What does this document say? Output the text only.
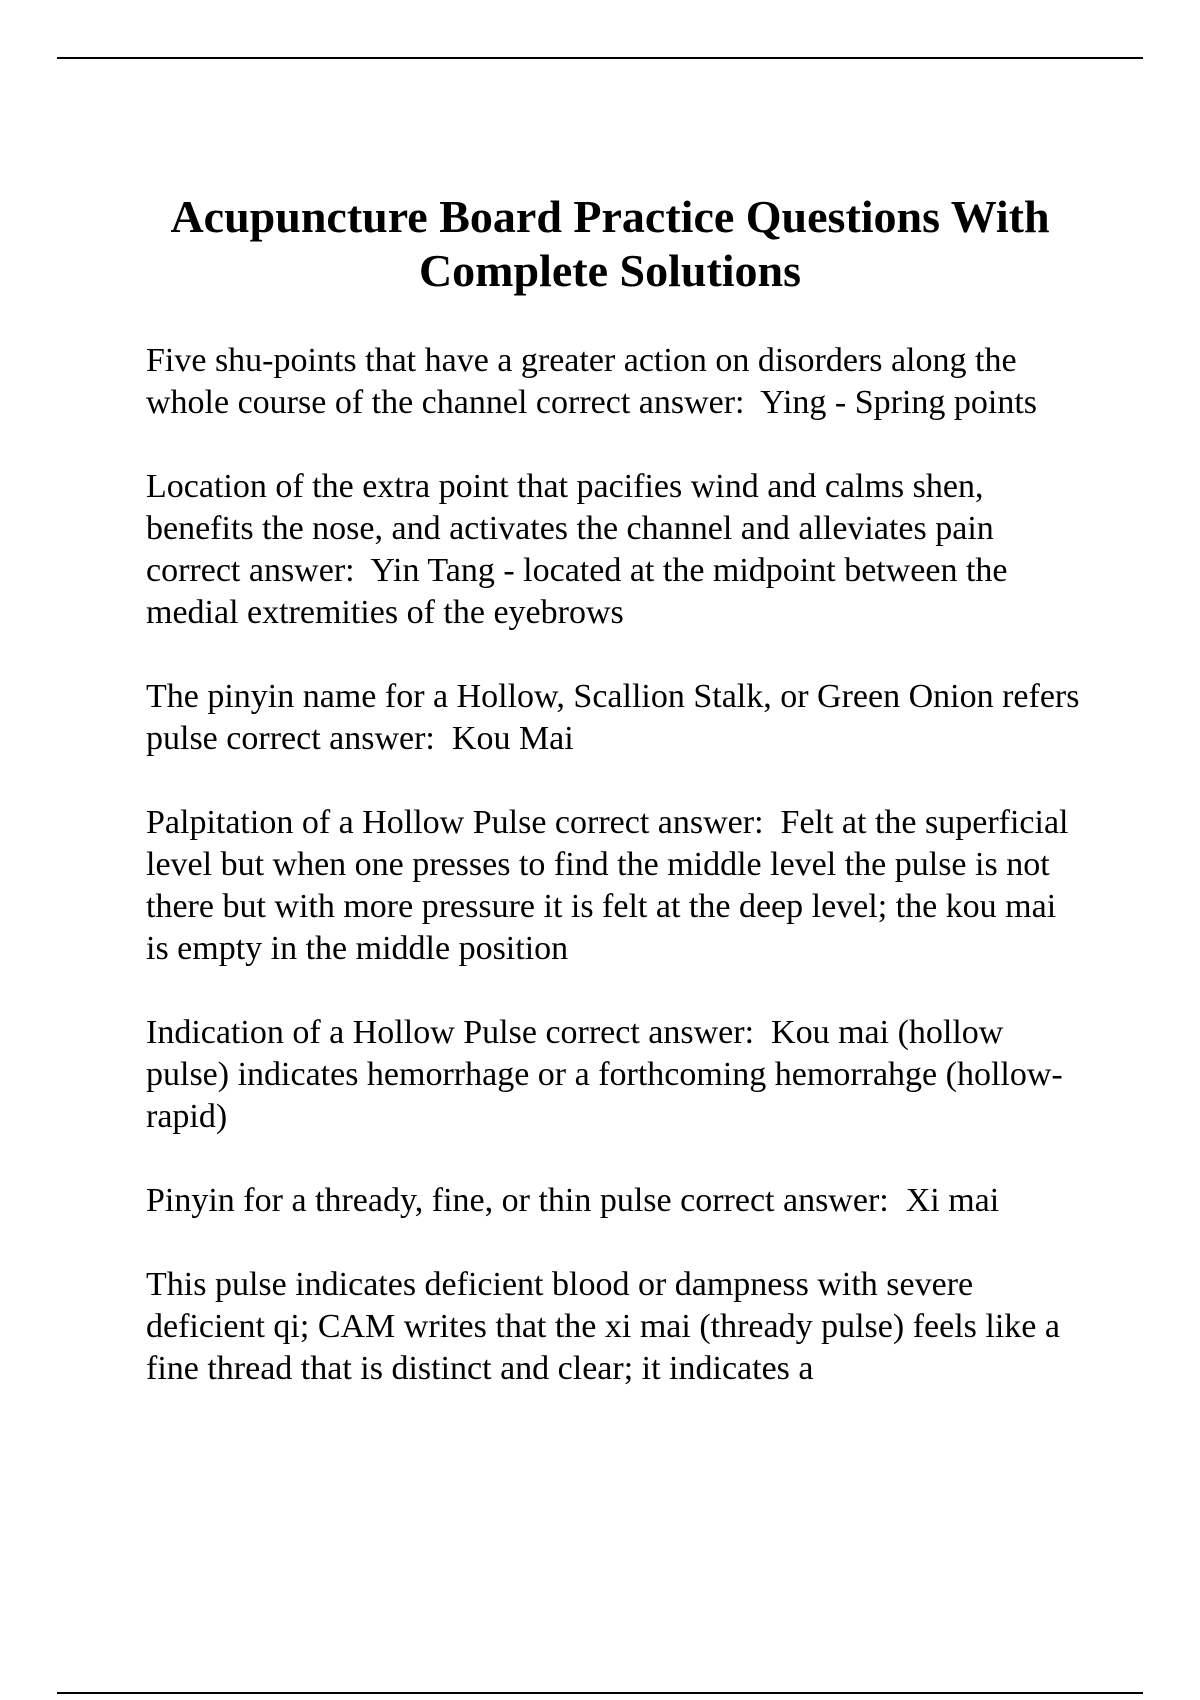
Acupuncture Board Practice Questions With Complete Solutions

Five shu-points that have a greater action on disorders along the whole course of the channel correct answer: Ying - Spring points

Location of the extra point that pacifies wind and calms shen, benefits the nose, and activates the channel and alleviates pain correct answer: Yin Tang - located at the midpoint between the medial extremities of the eyebrows

The pinyin name for a Hollow, Scallion Stalk, or Green Onion refers pulse correct answer: Kou Mai

Palpitation of a Hollow Pulse correct answer: Felt at the superficial level but when one presses to find the middle level the pulse is not there but with more pressure it is felt at the deep level; the kou mai is empty in the middle position

Indication of a Hollow Pulse correct answer: Kou mai (hollow pulse) indicates hemorrhage or a forthcoming hemorrahge (hollow-rapid)

Pinyin for a thready, fine, or thin pulse correct answer: Xi mai

This pulse indicates deficient blood or dampness with severe deficient qi; CAM writes that the xi mai (thready pulse) feels like a fine thread that is distinct and clear; it indicates a
